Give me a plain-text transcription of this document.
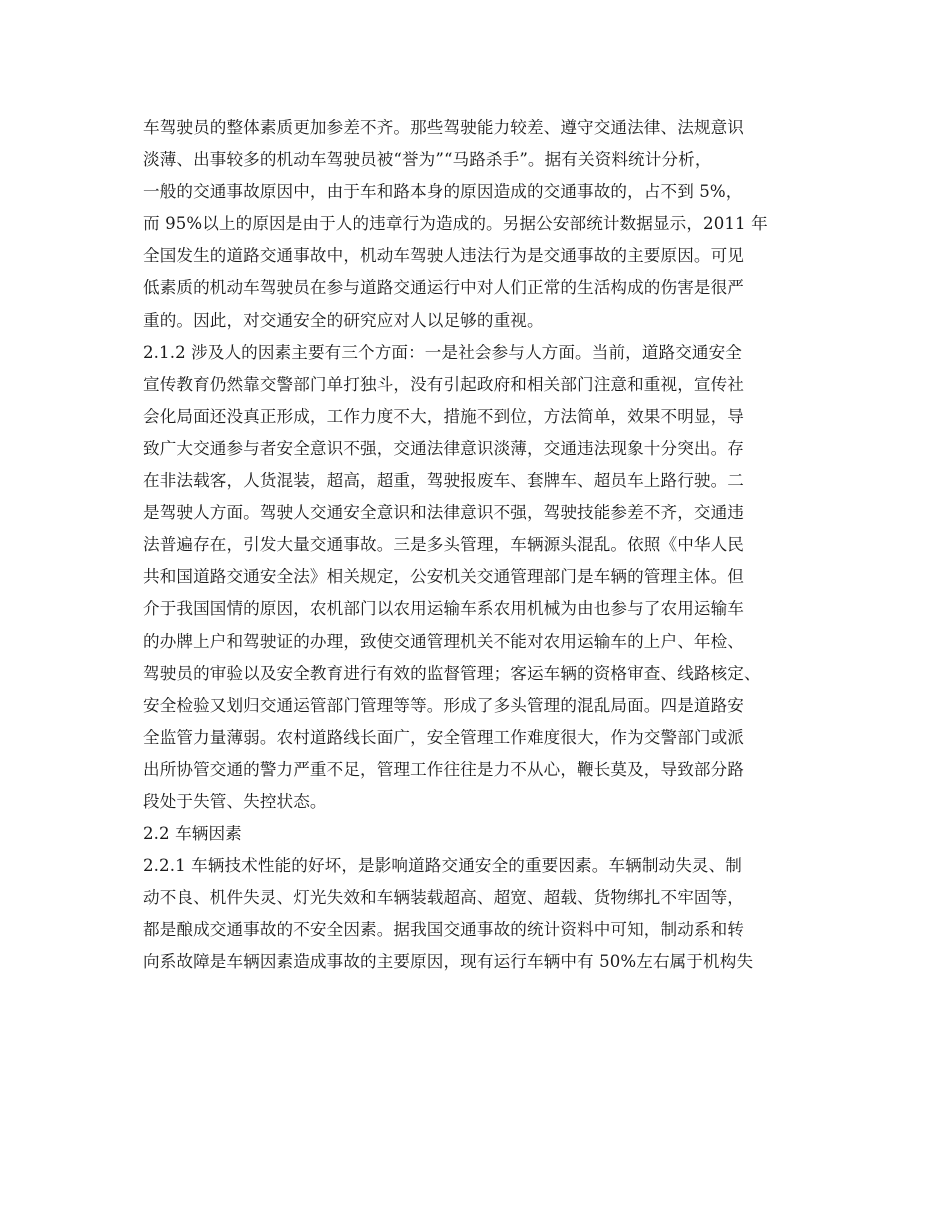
车驾驶员的整体素质更加参差不齐。那些驾驶能力较差、遵守交通法律、法规意识
淡薄、出事较多的机动车驾驶员被“誉为”“马路杀手”。据有关资料统计分析，
一般的交通事故原因中，由于车和路本身的原因造成的交通事故的，占不到 5%，
而 95%以上的原因是由于人的违章行为造成的。另据公安部统计数据显示，2011 年
全国发生的道路交通事故中，机动车驾驶人违法行为是交通事故的主要原因。可见
低素质的机动车驾驶员在参与道路交通运行中对人们正常的生活构成的伤害是很严
重的。因此，对交通安全的研究应对人以足够的重视。
2.1.2 涉及人的因素主要有三个方面：一是社会参与人方面。当前，道路交通安全
宣传教育仍然靠交警部门单打独斗，没有引起政府和相关部门注意和重视，宣传社
会化局面还没真正形成，工作力度不大，措施不到位，方法简单，效果不明显，导
致广大交通参与者安全意识不强，交通法律意识淡薄，交通违法现象十分突出。存
在非法载客，人货混装，超高，超重，驾驶报废车、套牌车、超员车上路行驶。二
是驾驶人方面。驾驶人交通安全意识和法律意识不强，驾驶技能参差不齐，交通违
法普遍存在，引发大量交通事故。三是多头管理，车辆源头混乱。依照《中华人民
共和国道路交通安全法》相关规定，公安机关交通管理部门是车辆的管理主体。但
介于我国国情的原因，农机部门以农用运输车系农用机械为由也参与了农用运输车
的办牌上户和驾驶证的办理，致使交通管理机关不能对农用运输车的上户、年检、
驾驶员的审验以及安全教育进行有效的监督管理；客运车辆的资格审查、线路核定、
安全检验又划归交通运管部门管理等等。形成了多头管理的混乱局面。四是道路安
全监管力量薄弱。农村道路线长面广，安全管理工作难度很大，作为交警部门或派
出所协管交通的警力严重不足，管理工作往往是力不从心，鞭长莫及，导致部分路
段处于失管、失控状态。
2.2 车辆因素
2.2.1 车辆技术性能的好坏，是影响道路交通安全的重要因素。车辆制动失灵、制
动不良、机件失灵、灯光失效和车辆装载超高、超宽、超载、货物绑扎不牢固等，
都是酿成交通事故的不安全因素。据我国交通事故的统计资料中可知，制动系和转
向系故障是车辆因素造成事故的主要原因，现有运行车辆中有 50%左右属于机构失
